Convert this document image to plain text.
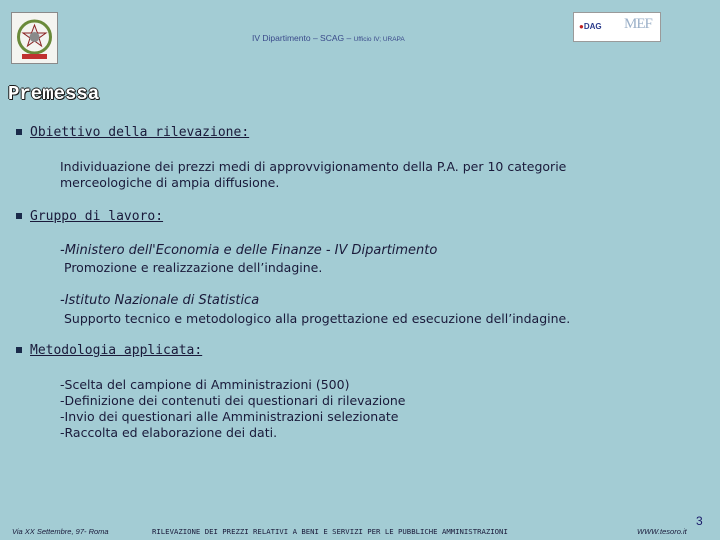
IV Dipartimento – SCAG – Ufficio IV; URAPA
●DAG MEF
Premessa
Obiettivo della rilevazione:
Individuazione dei prezzi medi di approvvigionamento della P.A. per 10 categorie
merceologiche di ampia diffusione.
Gruppo di lavoro:
-Ministero dell'Economia e delle Finanze - IV Dipartimento
Promozione e realizzazione dell’indagine.
-Istituto Nazionale di Statistica
Supporto tecnico e metodologico alla progettazione ed esecuzione dell’indagine.
Metodologia applicata:
-Scelta del campione di Amministrazioni (500)
-Definizione dei contenuti dei questionari di rilevazione
-Invio dei questionari alle Amministrazioni selezionate
-Raccolta ed elaborazione dei dati.
Via XX Settembre, 97- Roma	RILEVAZIONE DEI PREZZI RELATIVI A BENI E SERVIZI PER LE PUBBLICHE AMMINISTRAZIONI	WWW.tesoro.it
3
